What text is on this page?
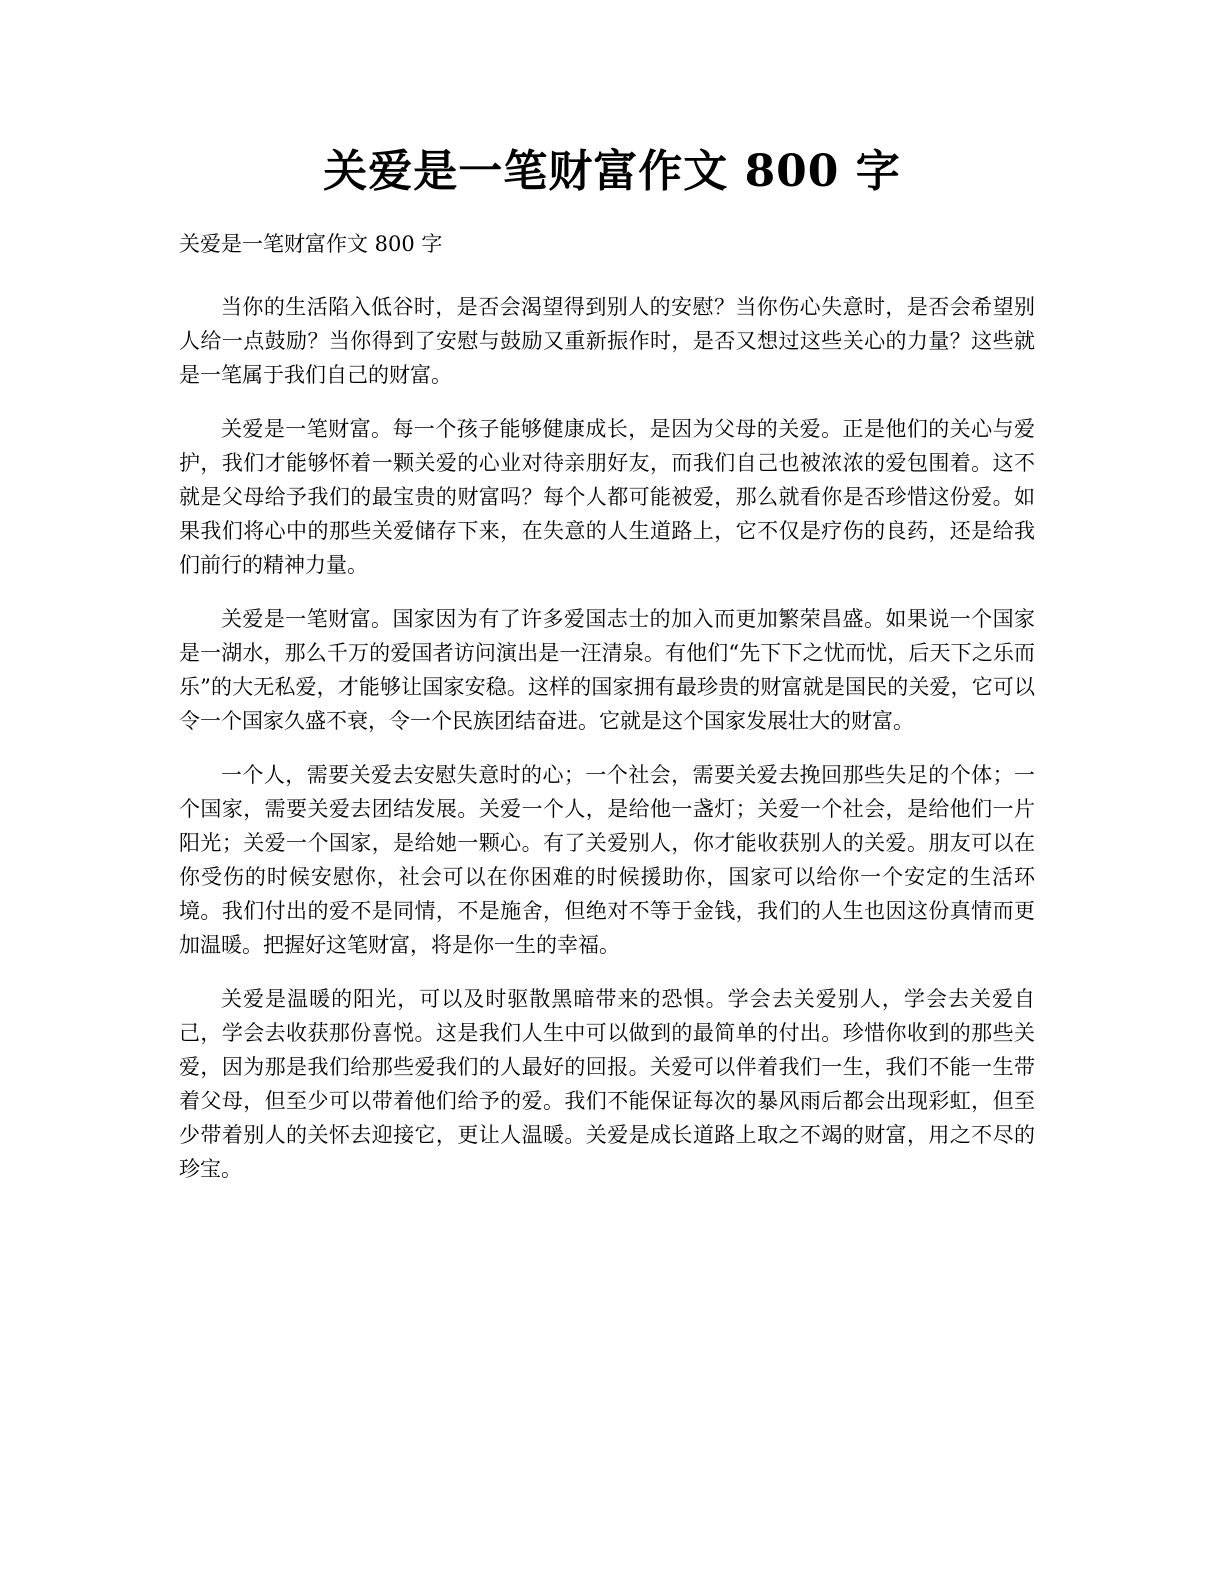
关爱是一笔财富作文 800 字

关爱是一笔财富作文 800 字

当你的生活陷入低谷时，是否会渴望得到别人的安慰？当你伤心失意时，是否会希望别人给一点鼓励？当你得到了安慰与鼓励又重新振作时，是否又想过这些关心的力量？这些就是一笔属于我们自己的财富。

关爱是一笔财富。每一个孩子能够健康成长，是因为父母的关爱。正是他们的关心与爱护，我们才能够怀着一颗关爱的心业对待亲朋好友，而我们自己也被浓浓的爱包围着。这不就是父母给予我们的最宝贵的财富吗？每个人都可能被爱，那么就看你是否珍惜这份爱。如果我们将心中的那些关爱储存下来，在失意的人生道路上，它不仅是疗伤的良药，还是给我们前行的精神力量。

关爱是一笔财富。国家因为有了许多爱国志士的加入而更加繁荣昌盛。如果说一个国家是一湖水，那么千万的爱国者访问演出是一汪清泉。有他们“先下下之忧而忧，后天下之乐而乐”的大无私爱，才能够让国家安稳。这样的国家拥有最珍贵的财富就是国民的关爱，它可以令一个国家久盛不衰，令一个民族团结奋进。它就是这个国家发展壮大的财富。

一个人，需要关爱去安慰失意时的心；一个社会，需要关爱去挽回那些失足的个体；一个国家，需要关爱去团结发展。关爱一个人，是给他一盏灯；关爱一个社会，是给他们一片阳光；关爱一个国家，是给她一颗心。有了关爱别人，你才能收获别人的关爱。朋友可以在你受伤的时候安慰你，社会可以在你困难的时候援助你，国家可以给你一个安定的生活环境。我们付出的爱不是同情，不是施舍，但绝对不等于金钱，我们的人生也因这份真情而更加温暖。把握好这笔财富，将是你一生的幸福。

关爱是温暖的阳光，可以及时驱散黑暗带来的恐惧。学会去关爱别人，学会去关爱自己，学会去收获那份喜悦。这是我们人生中可以做到的最简单的付出。珍惜你收到的那些关爱，因为那是我们给那些爱我们的人最好的回报。关爱可以伴着我们一生，我们不能一生带着父母，但至少可以带着他们给予的爱。我们不能保证每次的暴风雨后都会出现彩虹，但至少带着别人的关怀去迎接它，更让人温暖。关爱是成长道路上取之不竭的财富，用之不尽的珍宝。
